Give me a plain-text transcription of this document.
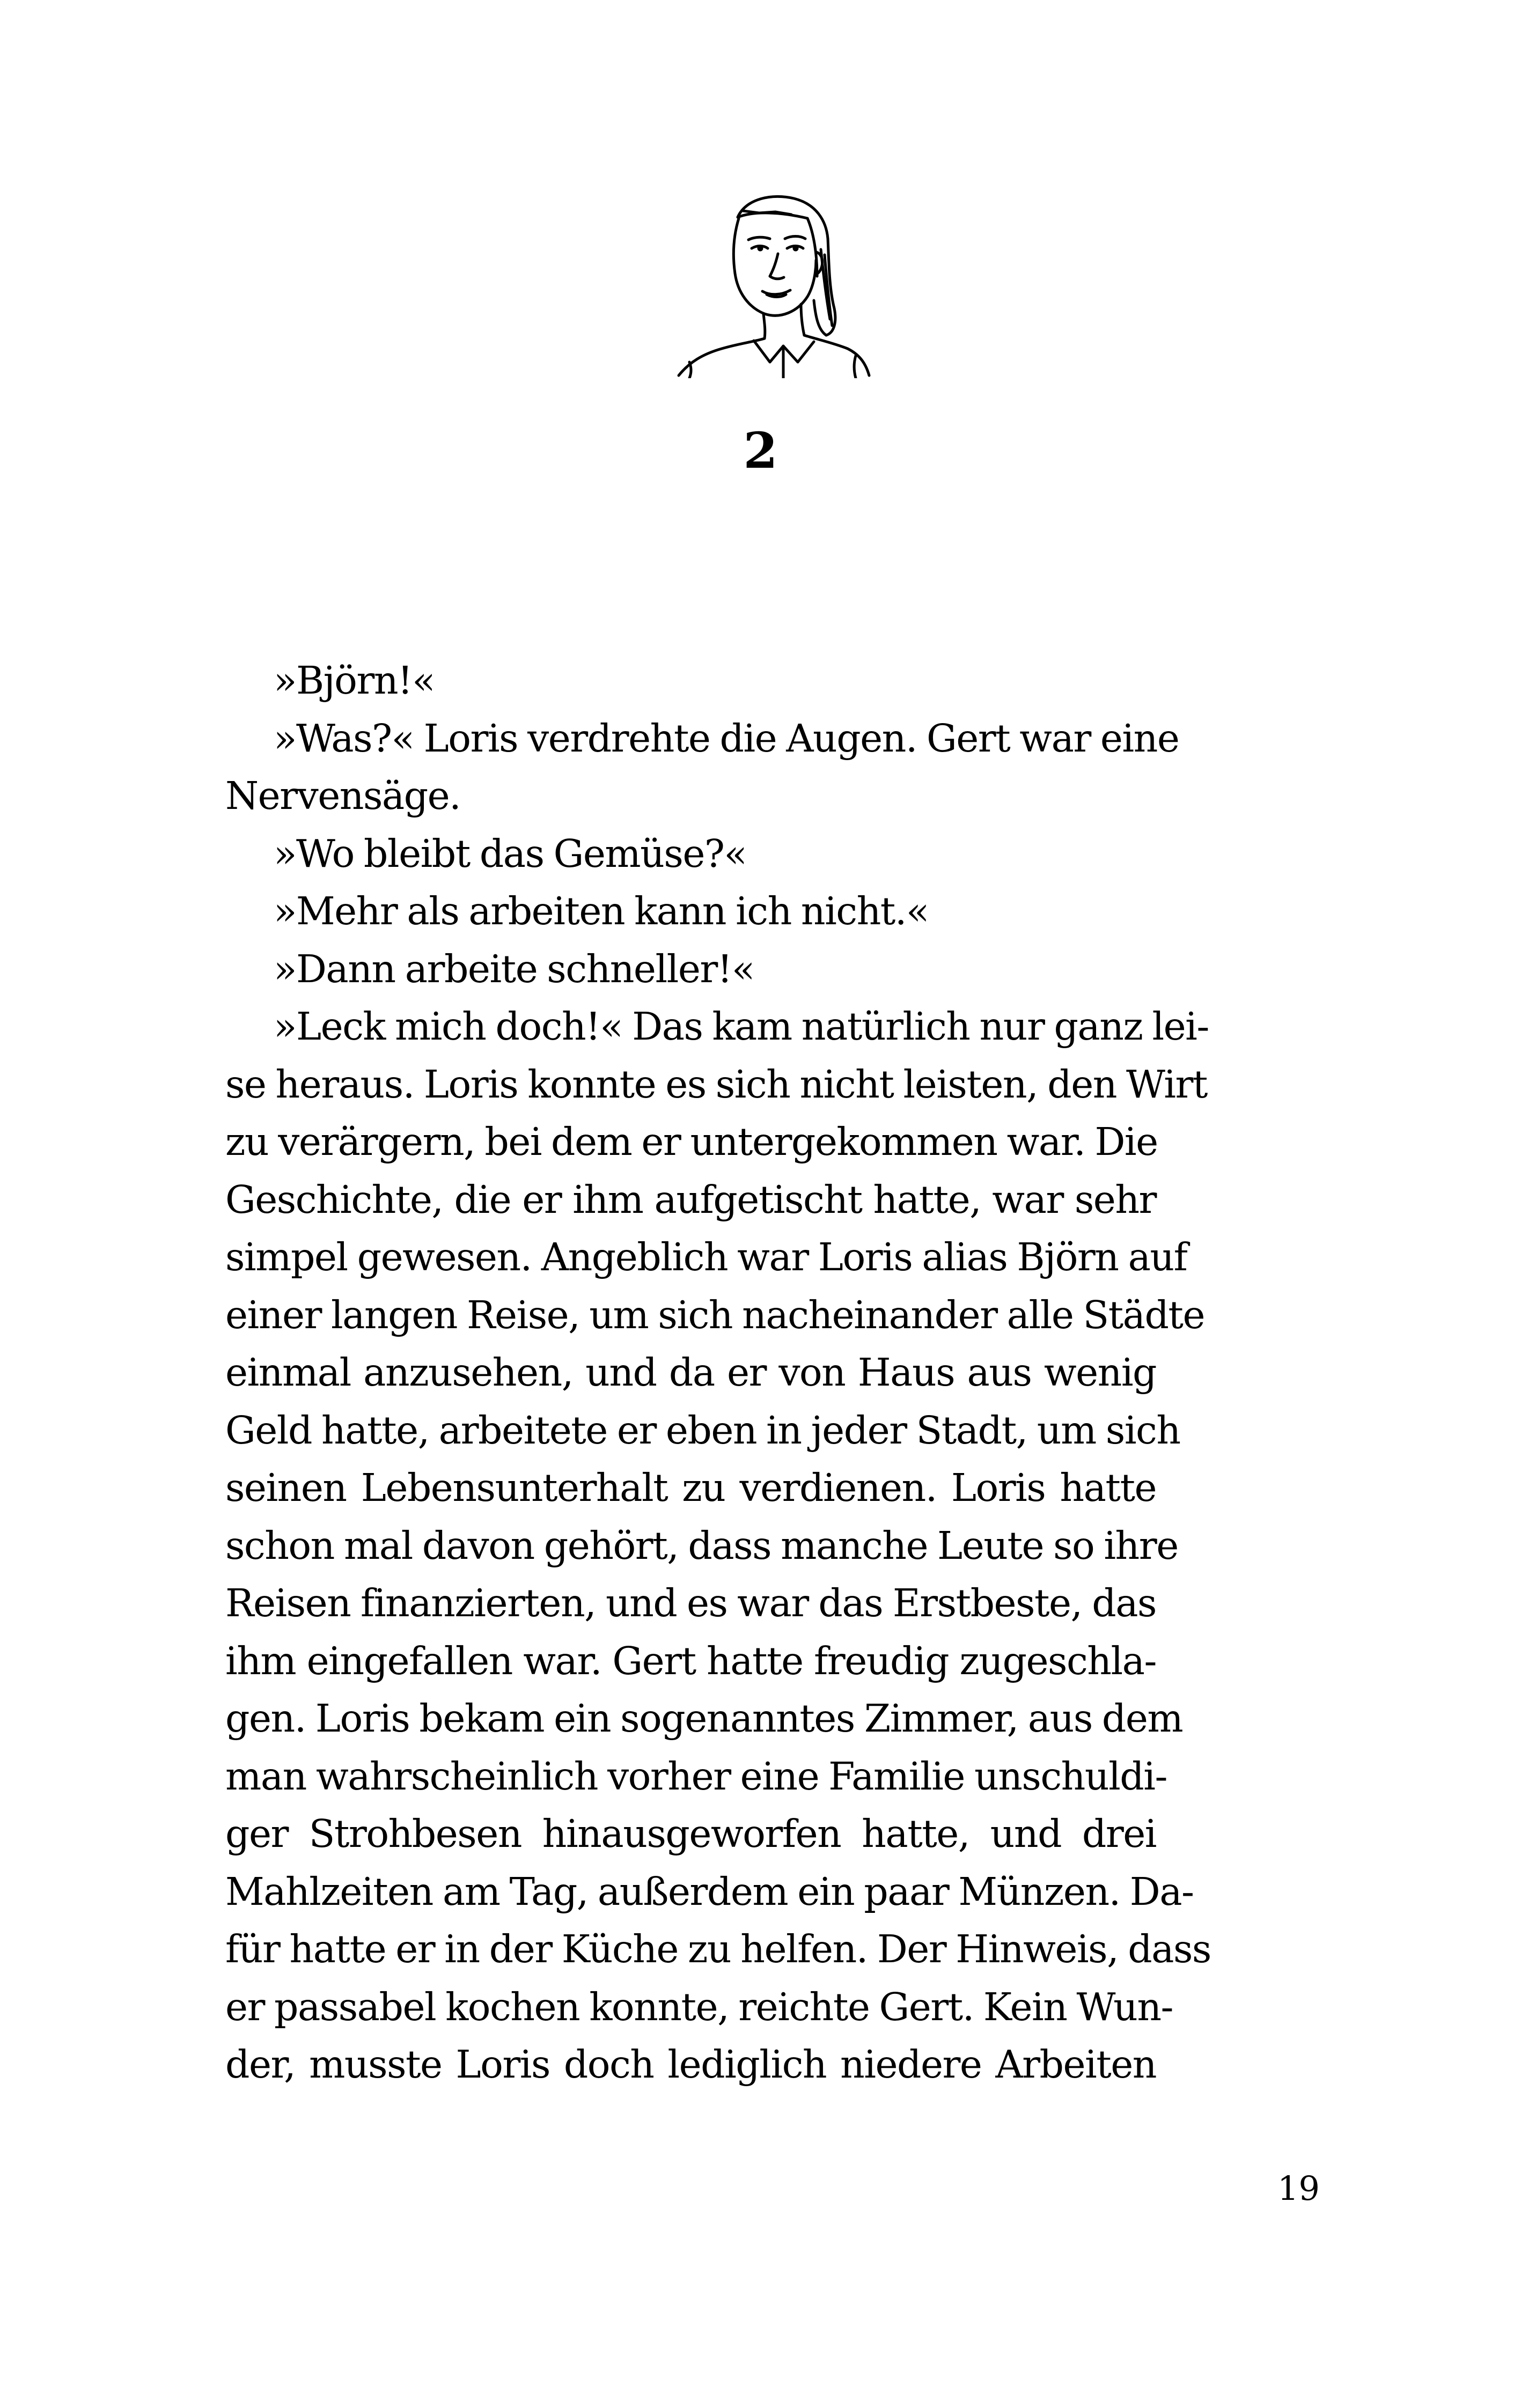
2
»Björn!«
»Was?« Loris verdrehte die Augen. Gert war eine
Nervensäge.
»Wo bleibt das Gemüse?«
»Mehr als arbeiten kann ich nicht.«
»Dann arbeite schneller!«
»Leck mich doch!« Das kam natürlich nur ganz lei-
se heraus. Loris konnte es sich nicht leisten, den Wirt
zu verärgern, bei dem er untergekommen war. Die
Geschichte, die er ihm aufgetischt hatte, war sehr
simpel gewesen. Angeblich war Loris alias Björn auf
einer langen Reise, um sich nacheinander alle Städte
einmal anzusehen, und da er von Haus aus wenig
Geld hatte, arbeitete er eben in jeder Stadt, um sich
seinen Lebensunterhalt zu verdienen. Loris hatte
schon mal davon gehört, dass manche Leute so ihre
Reisen finanzierten, und es war das Erstbeste, das
ihm eingefallen war. Gert hatte freudig zugeschla-
gen. Loris bekam ein sogenanntes Zimmer, aus dem
man wahrscheinlich vorher eine Familie unschuldi-
ger Strohbesen hinausgeworfen hatte, und drei
Mahlzeiten am Tag, außerdem ein paar Münzen. Da-
für hatte er in der Küche zu helfen. Der Hinweis, dass
er passabel kochen konnte, reichte Gert. Kein Wun-
der, musste Loris doch lediglich niedere Arbeiten
19
